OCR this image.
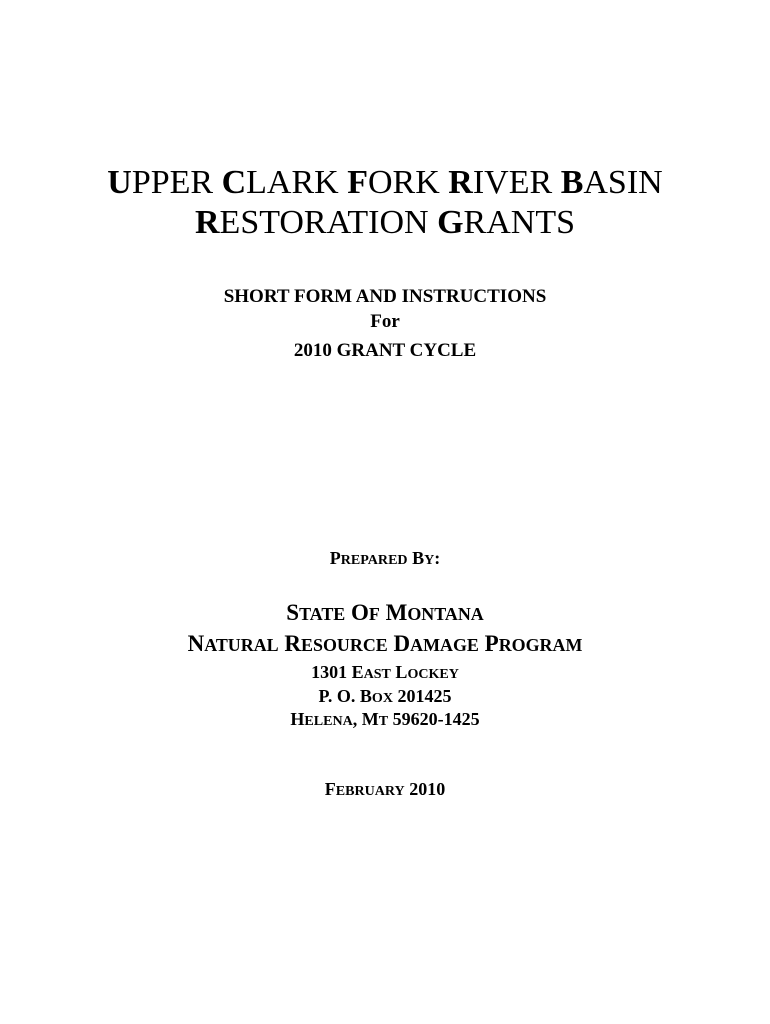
UPPER CLARK FORK RIVER BASIN
RESTORATION GRANTS
SHORT FORM AND INSTRUCTIONS
For
2010 GRANT CYCLE
PREPARED BY:
STATE OF MONTANA
NATURAL RESOURCE DAMAGE PROGRAM
1301 EAST LOCKEY
P. O. BOX 201425
HELENA, MT 59620-1425
FEBRUARY 2010
